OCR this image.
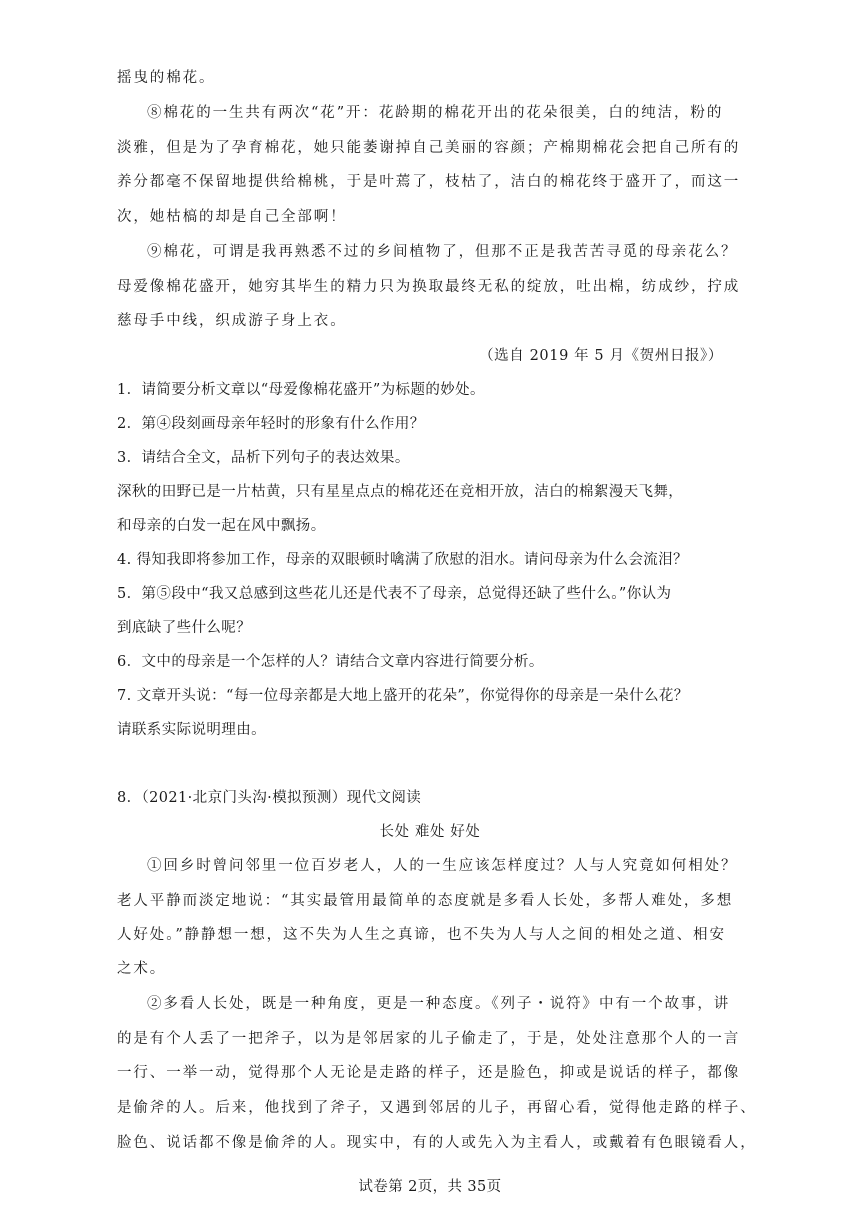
摇曳的棉花。
⑧棉花的一生共有两次“花”开：花龄期的棉花开出的花朵很美，白的纯洁，粉的
淡雅，但是为了孕育棉花，她只能萎谢掉自己美丽的容颜；产棉期棉花会把自己所有的
养分都毫不保留地提供给棉桃，于是叶蔫了，枝枯了，洁白的棉花终于盛开了，而这一
次，她枯槁的却是自己全部啊！
⑨棉花，可谓是我再熟悉不过的乡间植物了，但那不正是我苦苦寻觅的母亲花么？
母爱像棉花盛开，她穷其毕生的精力只为换取最终无私的绽放，吐出棉，纺成纱，拧成
慈母手中线，织成游子身上衣。
（选自 2019 年 5 月《贺州日报》）
1．请简要分析文章以“母爱像棉花盛开”为标题的妙处。
2．第④段刻画母亲年轻时的形象有什么作用？
3．请结合全文，品析下列句子的表达效果。
深秋的田野已是一片枯黄，只有星星点点的棉花还在竞相开放，洁白的棉絮漫天飞舞，
和母亲的白发一起在风中飘扬。
4. 得知我即将参加工作，母亲的双眼顿时噙满了欣慰的泪水。请问母亲为什么会流泪？
5．第⑤段中“我又总感到这些花儿还是代表不了母亲，总觉得还缺了些什么。”你认为
到底缺了些什么呢？
6．文中的母亲是一个怎样的人？请结合文章内容进行简要分析。
7. 文章开头说：“每一位母亲都是大地上盛开的花朵”，你觉得你的母亲是一朵什么花？
请联系实际说明理由。
8．（2021·北京门头沟·模拟预测）现代文阅读
长处 难处 好处
①回乡时曾问邻里一位百岁老人，人的一生应该怎样度过？人与人究竟如何相处？
老人平静而淡定地说：“其实最管用最简单的态度就是多看人长处，多帮人难处，多想
人好处。”静静想一想，这不失为人生之真谛，也不失为人与人之间的相处之道、相安
之术。
②多看人长处，既是一种角度，更是一种态度。《列子・说符》中有一个故事，讲
的是有个人丢了一把斧子，以为是邻居家的儿子偷走了，于是，处处注意那个人的一言
一行、一举一动，觉得那个人无论是走路的样子，还是脸色，抑或是说话的样子，都像
是偷斧的人。后来，他找到了斧子，又遇到邻居的儿子，再留心看，觉得他走路的样子、
脸色、说话都不像是偷斧的人。现实中，有的人或先入为主看人，或戴着有色眼镜看人，
试卷第 2页，共 35页
